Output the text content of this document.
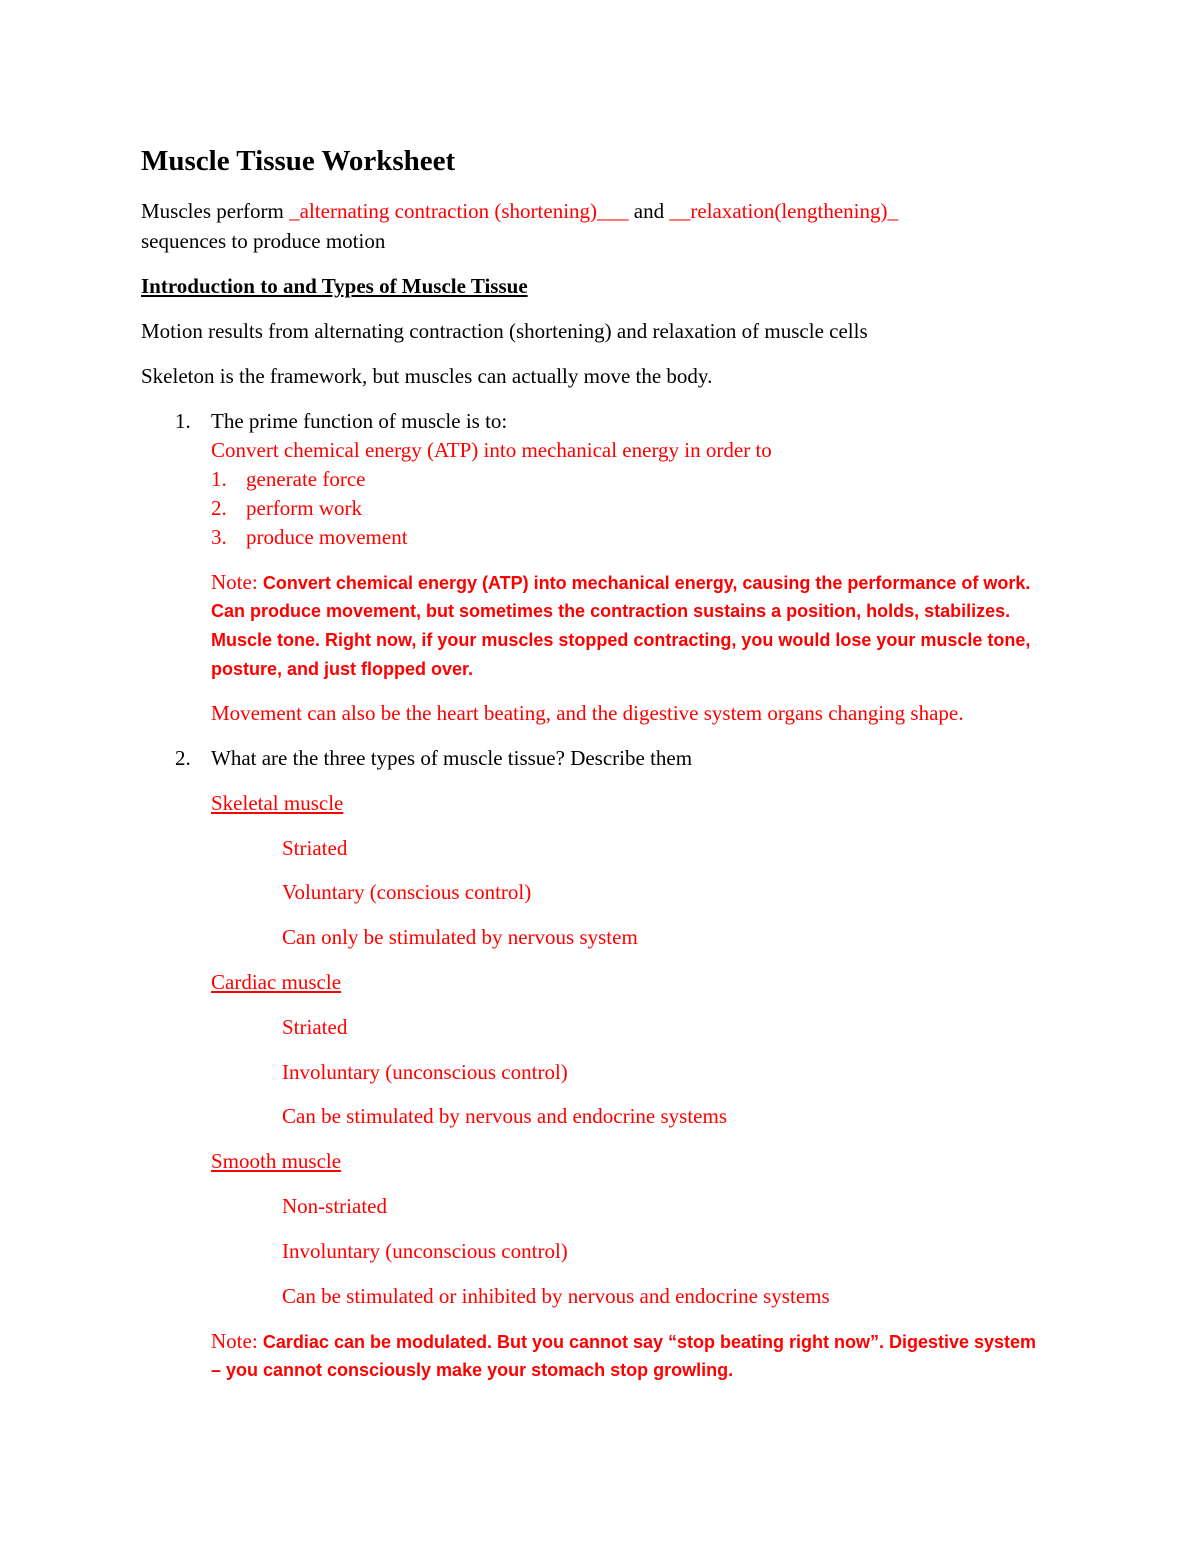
Muscle Tissue Worksheet
Muscles perform _alternating contraction (shortening)___ and __relaxation(lengthening)_
sequences to produce motion
Introduction to and Types of Muscle Tissue
Motion results from alternating contraction (shortening) and relaxation of muscle cells
Skeleton is the framework, but muscles can actually move the body.
1. The prime function of muscle is to:
Convert chemical energy (ATP) into mechanical energy in order to
1. generate force
2. perform work
3. produce movement
Note: Convert chemical energy (ATP) into mechanical energy, causing the performance of work.
Can produce movement, but sometimes the contraction sustains a position, holds, stabilizes.
Muscle tone. Right now, if your muscles stopped contracting, you would lose your muscle tone,
posture, and just flopped over.
Movement can also be the heart beating, and the digestive system organs changing shape.
2. What are the three types of muscle tissue? Describe them
Skeletal muscle
Striated
Voluntary (conscious control)
Can only be stimulated by nervous system
Cardiac muscle
Striated
Involuntary (unconscious control)
Can be stimulated by nervous and endocrine systems
Smooth muscle
Non-striated
Involuntary (unconscious control)
Can be stimulated or inhibited by nervous and endocrine systems
Note: Cardiac can be modulated. But you cannot say “stop beating right now”. Digestive system
– you cannot consciously make your stomach stop growling.
